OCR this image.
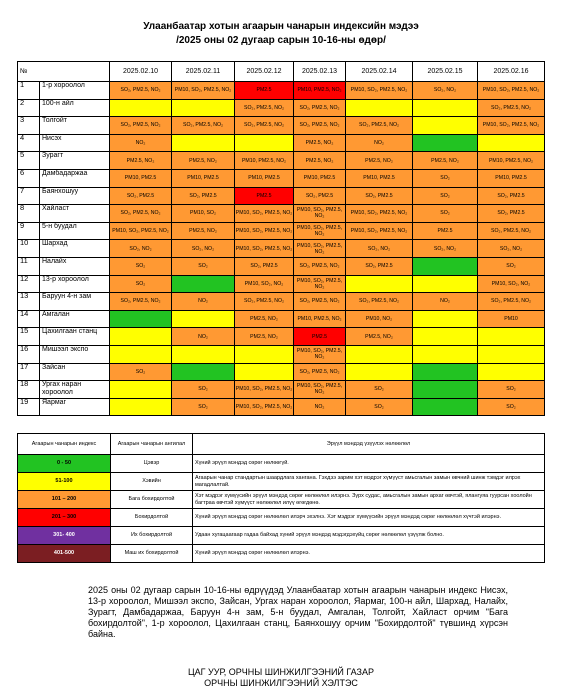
Улаанбаатар хотын агаарын чанарын индексийн мэдээ
/2025 оны 02 дугаар сарын 10-16-ны өдөр/
№		2025.02.10	2025.02.11	2025.02.12	2025.02.13	2025.02.14	2025.02.15	2025.02.16
1	1-р хороолол	SO₂, PM2.5, NO₂	PM10, SO₂, PM2.5, NO₂	PM2.5	PM10, PM2.5, NO₂	PM10, SO₂, PM2.5, NO₂	SO₂, NO₂	PM10, SO₂, PM2.5, NO₂
2	100-н айл			SO₂, PM2.5, NO₂	SO₂, PM2.5, NO₂			SO₂, PM2.5, NO₂
3	Толгойт	SO₂, PM2.5, NO₂	SO₂, PM2.5, NO₂	SO₂, PM2.5, NO₂	SO₂, PM2.5, NO₂	SO₂, PM2.5, NO₂		PM10, SO₂, PM2.5, NO₂
4	Нисэх	NO₂			PM2.5, NO₂	NO₂		
5	Зурагт	PM2.5, NO₂	PM2.5, NO₂	PM10, PM2.5, NO₂	PM2.5, NO₂	PM2.5, NO₂	PM2.5, NO₂	PM10, PM2.5, NO₂
6	Дамбадаржаа	PM10, PM2.5	PM10, PM2.5	PM10, PM2.5	PM10, PM2.5	PM10, PM2.5	SO₂	PM10, PM2.5
7	Баянхошуу	SO₂, PM2.5	SO₂, PM2.5	PM2.5	SO₂, PM2.5	SO₂, PM2.5	SO₂	SO₂, PM2.5
8	Хайласт	SO₂, PM2.5, NO₂	PM10, SO₂	PM10, SO₂, PM2.5, NO₂	PM10, SO₂, PM2.5, NO₂	PM10, SO₂, PM2.5, NO₂	SO₂	SO₂, PM2.5
9	5-н буудал	PM10, SO₂, PM2.5, NO₂	PM2.5, NO₂	PM10, SO₂, PM2.5, NO₂	PM10, SO₂, PM2.5, NO₂	PM10, SO₂, PM2.5, NO₂	PM2.5	SO₂, PM2.5, NO₂
10	Шархад	SO₂, NO₂	SO₂, NO₂	PM10, SO₂, PM2.5, NO₂	PM10, SO₂, PM2.5, NO₂	SO₂, NO₂	SO₂, NO₂	SO₂, NO₂
11	Налайх	SO₂	SO₂	SO₂, PM2.5	SO₂, PM2.5, NO₂	SO₂, PM2.5		SO₂
12	13-р хороолол	SO₂		PM10, SO₂, NO₂	PM10, SO₂, PM2.5, NO₂			PM10, SO₂, NO₂
13	Баруун 4-н зам	SO₂, PM2.5, NO₂	NO₂	SO₂, PM2.5, NO₂	SO₂, PM2.5, NO₂	SO₂, PM2.5, NO₂	NO₂	SO₂, PM2.5, NO₂
14	Амгалан			PM2.5, NO₂	PM10, PM2.5, NO₂	PM10, NO₂		PM10
15	Цахилгаан станц		NO₂	PM2.5, NO₂	PM2.5	PM2.5, NO₂		
16	Мишээл экспо				PM10, SO₂, PM2.5, NO₂			
17	Зайсан	SO₂			SO₂, PM2.5, NO₂			
18	Ургах наран хороолол		SO₂	PM10, SO₂, PM2.5, NO₂	PM10, SO₂, PM2.5, NO₂	SO₂		SO₂
19	Яармаг		SO₂	PM10, SO₂, PM2.5, NO₂	NO₂	SO₂		SO₂
Агаарын чанарын индекс	Агаарын чанарын ангилал	Эрүүл мэндэд үзүүлэх нөлөөлөл
0 - 50	Цэвэр	Хүний эрүүл мэндэд сөрөг нөлөөгүй.
51-100	Хэвийн	Агаарын чанар стандартын шаардлага хангана. Гэхдээ зарим хэт мэдрэг хүмүүст амьсгалын замын өвчний шинж тэмдэг илрэх магадлалтай.
101 – 200	Бага бохирдолтой	Хэт мэдрэг хүмүүсийн эрүүл мэндэд сөрөг нөлөөлөл илэрнэ. Зүрх судас, амьсгалын замын архаг өвчтэй, ялангуяа гуурсан хоолойн багтраа өвчтэй хүмүүст нөлөөлөл илүү өгөгдөнө.
201 – 300	Бохирдолтой	Хүний эрүүл мэндэд сөрөг нөлөөлөл илэрч эхэлнэ. Хэт мэдрэг хүмүүсийн эрүүл мэндэд сөрөг нөлөөлөл хүчтэй илэрнэ.
301- 400	Их бохирдолтой	Удаан хугацаагаар гадаа байхад хүний эрүүл мэндэд мэдэгдэхүйц сөрөг нөлөөлөл үзүүлж болно.
401-500	Маш их бохирдолтой	Хүний эрүүл мэндэд сөрөг нөлөөлөл илэрнэ.
2025 оны 02 дугаар сарын 10-16-ны өдрүүдэд Улаанбаатар хотын агаарын чанарын индекс Нисэх, 13-р хороолол, Мишээл экспо, Зайсан, Ургах наран хороолол, Яармаг, 100-н айл, Шархад, Налайх, Зурагт, Дамбадаржаа, Баруун 4-н зам, 5-н буудал, Амгалан, Толгойт, Хайласт орчим "Бага бохирдолтой", 1-р хороолол, Цахилгаан станц, Баянхошуу орчим "Бохирдолтой" түвшинд хүрсэн байна.
ЦАГ УУР, ОРЧНЫ ШИНЖИЛГЭЭНИЙ ГАЗАР
ОРЧНЫ ШИНЖИЛГЭЭНИЙ ХЭЛТЭС
